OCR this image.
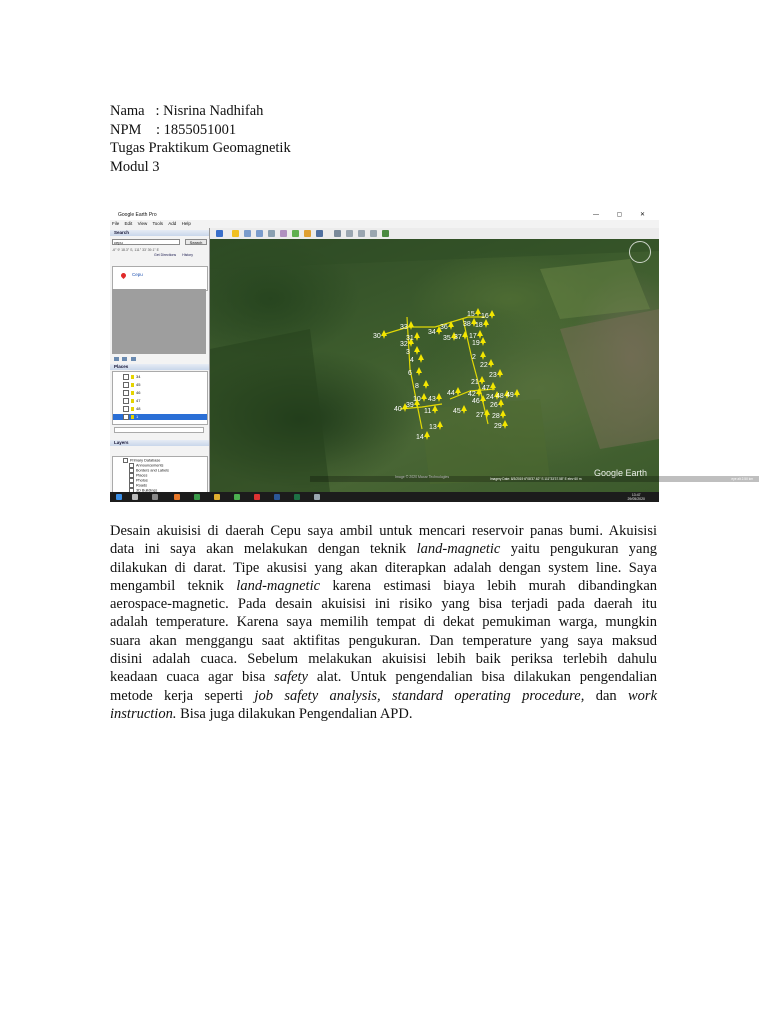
Nama   : Nisrina Nadhifah
NPM    : 1855051001
Tugas Praktikum Geomagnetik
Modul 3
Google Earth Pro	— ▢ ✕
File Edit View Tools Add Help
Search
cepu	Search
-6° 9' 18.3" S, 111° 33' 39.1" E
Get Directions History
Cepu

Places
34
45
46
47
48
1
Layers
Primary Database
Announcements
Borders and Labels
Places
Photos
Roads
3D Buildings
30
33
31
32
3
4
6
8
10
40
39
43
11
13
14
34
36
35 37
15
38 18
19
16
17
2
22
23
47
21
48 49
44 42
45
46
26
27 28
29
24
Image © 2020 Maxar Technologies	Google Earth
Imagery Date: 8/3/2019 6°08'37.62" S 111°33'37.58" E elev 60 m	eye alt 2.50 km
13:47
29/05/2020
Desain akuisisi di daerah Cepu saya ambil untuk mencari reservoir panas bumi. Akuisisi
data ini saya akan melakukan dengan teknik land-magnetic yaitu pengukuran yang
dilakukan di darat. Tipe akusisi yang akan diterapkan adalah dengan system line. Saya
mengambil teknik land-magnetic karena estimasi biaya lebih murah dibandingkan
aerospace-magnetic. Pada desain akuisisi ini risiko yang bisa terjadi pada daerah itu
adalah temperature. Karena saya memilih tempat di dekat pemukiman warga, mungkin
suara akan menggangu saat aktifitas pengukuran. Dan temperature yang saya maksud
disini adalah cuaca. Sebelum melakukan akuisisi lebih baik periksa terlebih dahulu
keadaan cuaca agar bisa safety alat. Untuk pengendalian bisa dilakukan pengendalian
metode kerja seperti job safety analysis, standard operating procedure, dan work
instruction. Bisa juga dilakukan Pengendalian APD.
